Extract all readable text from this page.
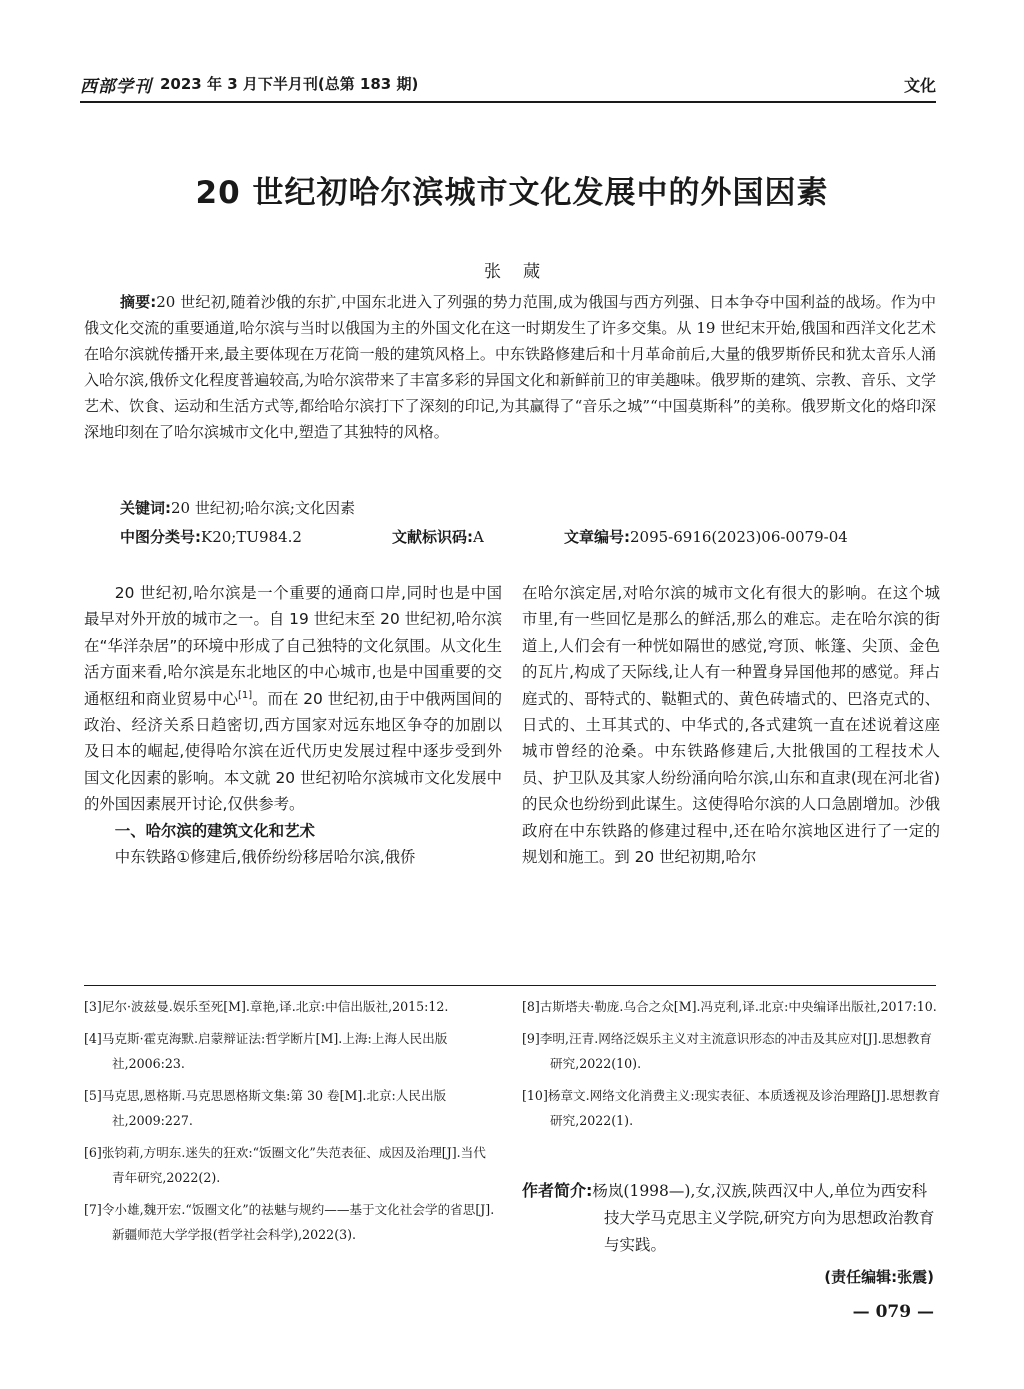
西部学刊 2023 年 3 月下半月刊(总第 183 期)	文化
20 世纪初哈尔滨城市文化发展中的外国因素
张蒇
摘要:20 世纪初,随着沙俄的东扩,中国东北进入了列强的势力范围,成为俄国与西方列强、日本争夺中国利益的战场。作为中俄文化交流的重要通道,哈尔滨与当时以俄国为主的外国文化在这一时期发生了许多交集。从 19 世纪末开始,俄国和西洋文化艺术在哈尔滨就传播开来,最主要体现在万花筒一般的建筑风格上。中东铁路修建后和十月革命前后,大量的俄罗斯侨民和犹太音乐人涌入哈尔滨,俄侨文化程度普遍较高,为哈尔滨带来了丰富多彩的异国文化和新鲜前卫的审美趣味。俄罗斯的建筑、宗教、音乐、文学艺术、饮食、运动和生活方式等,都给哈尔滨打下了深刻的印记,为其赢得了“音乐之城”“中国莫斯科”的美称。俄罗斯文化的烙印深深地印刻在了哈尔滨城市文化中,塑造了其独特的风格。
关键词:20 世纪初;哈尔滨;文化因素
中图分类号:K20;TU984.2	文献标识码:A	文章编号:2095-6916(2023)06-0079-04

20 世纪初,哈尔滨是一个重要的通商口岸,同时也是中国最早对外开放的城市之一。自 19 世纪末至 20 世纪初,哈尔滨在“华洋杂居”的环境中形成了自己独特的文化氛围。从文化生活方面来看,哈尔滨是东北地区的中心城市,也是中国重要的交通枢纽和商业贸易中心[1]。而在 20 世纪初,由于中俄两国间的政治、经济关系日趋密切,西方国家对远东地区争夺的加剧以及日本的崛起,使得哈尔滨在近代历史发展过程中逐步受到外国文化因素的影响。本文就 20 世纪初哈尔滨城市文化发展中的外国因素展开讨论,仅供参考。

一、哈尔滨的建筑文化和艺术

中东铁路①修建后,俄侨纷纷移居哈尔滨,俄侨

在哈尔滨定居,对哈尔滨的城市文化有很大的影响。在这个城市里,有一些回忆是那么的鲜活,那么的难忘。走在哈尔滨的街道上,人们会有一种恍如隔世的感觉,穹顶、帐篷、尖顶、金色的瓦片,构成了天际线,让人有一种置身异国他邦的感觉。拜占庭式的、哥特式的、鞑靼式的、黄色砖墙式的、巴洛克式的、日式的、土耳其式的、中华式的,各式建筑一直在述说着这座城市曾经的沧桑。中东铁路修建后,大批俄国的工程技术人员、护卫队及其家人纷纷涌向哈尔滨,山东和直隶(现在河北省)的民众也纷纷到此谋生。这使得哈尔滨的人口急剧增加。沙俄政府在中东铁路的修建过程中,还在哈尔滨地区进行了一定的规划和施工。到 20 世纪初期,哈尔

[3]尼尔·波兹曼.娱乐至死[M].章艳,译.北京:中信出版社,2015:12.
[4]马克斯·霍克海默.启蒙辩证法:哲学断片[M].上海:上海人民出版社,2006:23.
[5]马克思,恩格斯.马克思恩格斯文集:第 30 卷[M].北京:人民出版社,2009:227.
[6]张钧莉,方明东.迷失的狂欢:“饭圈文化”失范表征、成因及治理[J].当代青年研究,2022(2).
[7]令小雄,魏开宏.“饭圈文化”的祛魅与规约——基于文化社会学的省思[J].新疆师范大学学报(哲学社会科学),2022(3).
[8]古斯塔夫·勒庞.乌合之众[M].冯克利,译.北京:中央编译出版社,2017:10.
[9]李明,汪青.网络泛娱乐主义对主流意识形态的冲击及其应对[J].思想教育研究,2022(10).
[10]杨章文.网络文化消费主义:现实表征、本质透视及诊治理路[J].思想教育研究,2022(1).
作者简介:杨岚(1998—),女,汉族,陕西汉中人,单位为西安科技大学马克思主义学院,研究方向为思想政治教育与实践。
(责任编辑:张震)
— 079 —
